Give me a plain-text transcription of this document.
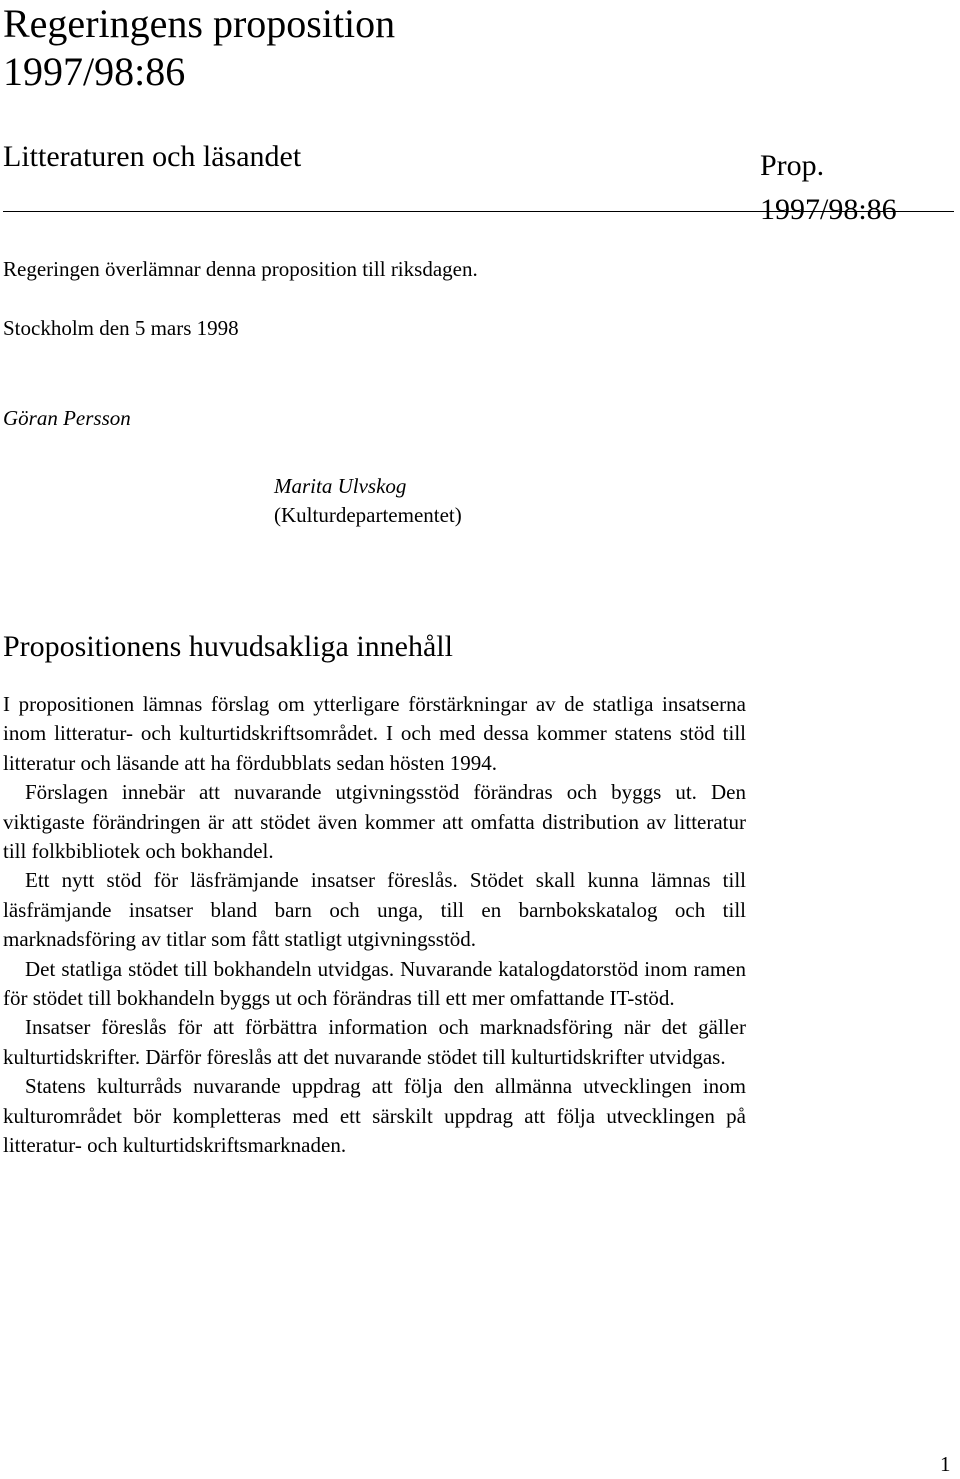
Regeringens proposition
1997/98:86
Litteraturen och läsandet	Prop.
1997/98:86
Regeringen överlämnar denna proposition till riksdagen.
Stockholm den 5 mars 1998
Göran Persson
Marita Ulvskog
(Kulturdepartementet)
Propositionens huvudsakliga innehåll

I propositionen lämnas förslag om ytterligare förstärkningar av de statliga insatserna inom litteratur- och kulturtidskriftsområdet. I och med dessa kommer statens stöd till litteratur och läsande att ha fördubblats sedan hösten 1994.

Förslagen innebär att nuvarande utgivningsstöd förändras och byggs ut. Den viktigaste förändringen är att stödet även kommer att omfatta distribution av litteratur till folkbibliotek och bokhandel.

Ett nytt stöd för läsfrämjande insatser föreslås. Stödet skall kunna lämnas till läsfrämjande insatser bland barn och unga, till en barnbokskatalog och till marknadsföring av titlar som fått statligt utgivningsstöd.

Det statliga stödet till bokhandeln utvidgas. Nuvarande katalogdatorstöd inom ramen för stödet till bokhandeln byggs ut och förändras till ett mer omfattande IT-stöd.

Insatser föreslås för att förbättra information och marknadsföring när det gäller kulturtidskrifter. Därför föreslås att det nuvarande stödet till kulturtidskrifter utvidgas.

Statens kulturråds nuvarande uppdrag att följa den allmänna utvecklingen inom kulturområdet bör kompletteras med ett särskilt uppdrag att följa utvecklingen på litteratur- och kulturtidskriftsmarknaden.

1
